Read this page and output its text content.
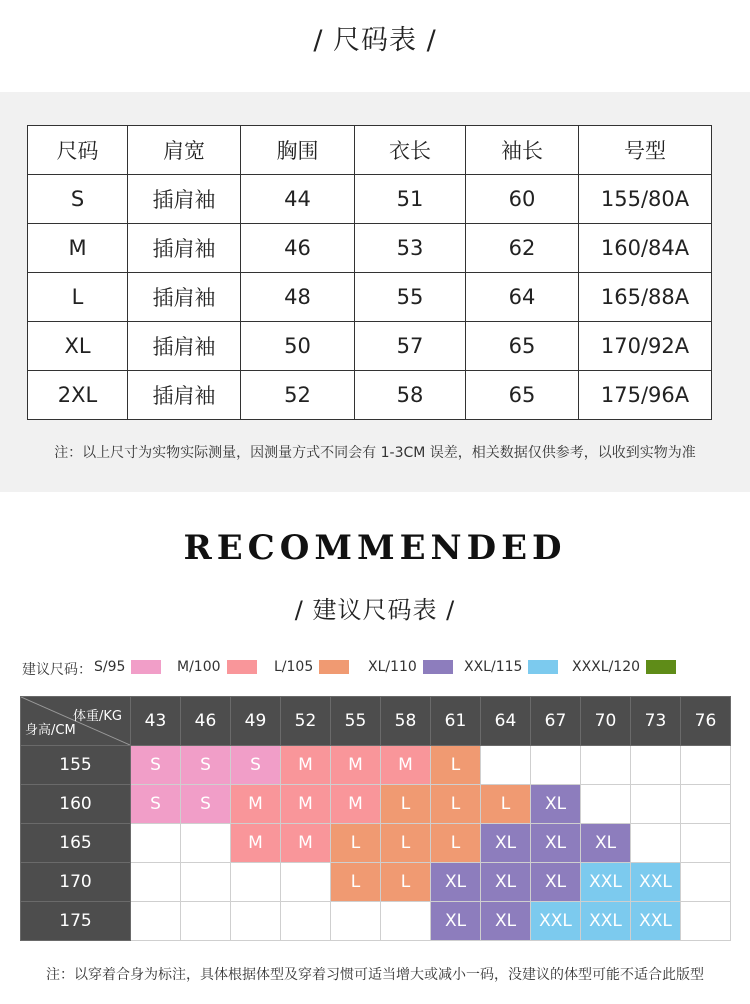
/ 尺码表 /
尺码	肩宽	胸围	衣长	袖长	号型
S	插肩袖	44	51	60	155/80A
M	插肩袖	46	53	62	160/84A
L	插肩袖	48	55	64	165/88A
XL	插肩袖	50	57	65	170/92A
2XL	插肩袖	52	58	65	175/96A
注：以上尺寸为实物实际测量，因测量方式不同会有 1-3CM 误差，相关数据仅供参考，以收到实物为准
RECOMMENDED
/ 建议尺码表 /
建议尺码： S/95	M/100	L/105	XL/110	XXL/115	XXXL/120
体重/KG
身高/CM	43	46	49	52	55	58	61	64	67	70	73	76
155	S	S	S	M	M	M	L					
160	S	S	M	M	M	L	L	L	XL			
165			M	M	L	L	L	XL	XL	XL		
170					L	L	XL	XL	XL	XXL	XXL	
175							XL	XL	XXL	XXL	XXL	
注：以穿着合身为标注，具体根据体型及穿着习惯可适当增大或减小一码，没建议的体型可能不适合此版型
